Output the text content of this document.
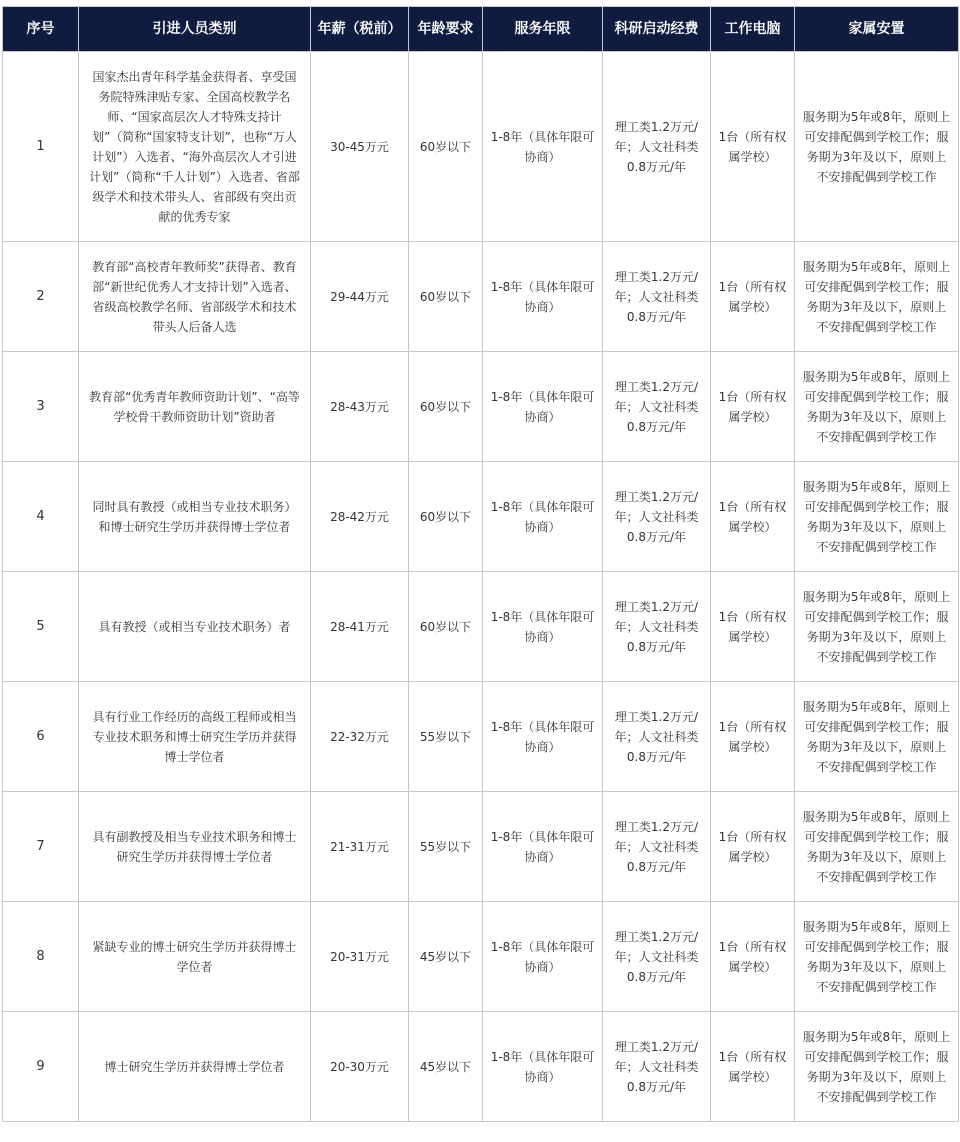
序号	引进人员类别	年薪（税前）	年龄要求	服务年限	科研启动经费	工作电脑	家属安置
1	国家杰出青年科学基金获得者、享受国务院特殊津贴专家、全国高校教学名师、“国家高层次人才特殊支持计划”（简称“国家特支计划”，也称“万人计划”）入选者、“海外高层次人才引进计划”（简称“千人计划”）入选者、省部级学术和技术带头人、省部级有突出贡献的优秀专家	30-45万元	60岁以下	1-8年（具体年限可协商）	理工类1.2万元/年；人文社科类0.8万元/年	1台（所有权属学校）	服务期为5年或8年，原则上可安排配偶到学校工作；服务期为3年及以下，原则上不安排配偶到学校工作
2	教育部“高校青年教师奖”获得者、教育部“新世纪优秀人才支持计划”入选者、省级高校教学名师、省部级学术和技术带头人后备人选	29-44万元	60岁以下	1-8年（具体年限可协商）	理工类1.2万元/年；人文社科类0.8万元/年	1台（所有权属学校）	服务期为5年或8年，原则上可安排配偶到学校工作；服务期为3年及以下，原则上不安排配偶到学校工作
3	教育部“优秀青年教师资助计划”、“高等学校骨干教师资助计划”资助者	28-43万元	60岁以下	1-8年（具体年限可协商）	理工类1.2万元/年；人文社科类0.8万元/年	1台（所有权属学校）	服务期为5年或8年，原则上可安排配偶到学校工作；服务期为3年及以下，原则上不安排配偶到学校工作
4	同时具有教授（或相当专业技术职务）和博士研究生学历并获得博士学位者	28-42万元	60岁以下	1-8年（具体年限可协商）	理工类1.2万元/年；人文社科类0.8万元/年	1台（所有权属学校）	服务期为5年或8年，原则上可安排配偶到学校工作；服务期为3年及以下，原则上不安排配偶到学校工作
5	具有教授（或相当专业技术职务）者	28-41万元	60岁以下	1-8年（具体年限可协商）	理工类1.2万元/年；人文社科类0.8万元/年	1台（所有权属学校）	服务期为5年或8年，原则上可安排配偶到学校工作；服务期为3年及以下，原则上不安排配偶到学校工作
6	具有行业工作经历的高级工程师或相当专业技术职务和博士研究生学历并获得博士学位者	22-32万元	55岁以下	1-8年（具体年限可协商）	理工类1.2万元/年；人文社科类0.8万元/年	1台（所有权属学校）	服务期为5年或8年，原则上可安排配偶到学校工作；服务期为3年及以下，原则上不安排配偶到学校工作
7	具有副教授及相当专业技术职务和博士研究生学历并获得博士学位者	21-31万元	55岁以下	1-8年（具体年限可协商）	理工类1.2万元/年；人文社科类0.8万元/年	1台（所有权属学校）	服务期为5年或8年，原则上可安排配偶到学校工作；服务期为3年及以下，原则上不安排配偶到学校工作
8	紧缺专业的博士研究生学历并获得博士学位者	20-31万元	45岁以下	1-8年（具体年限可协商）	理工类1.2万元/年；人文社科类0.8万元/年	1台（所有权属学校）	服务期为5年或8年，原则上可安排配偶到学校工作；服务期为3年及以下，原则上不安排配偶到学校工作
9	博士研究生学历并获得博士学位者	20-30万元	45岁以下	1-8年（具体年限可协商）	理工类1.2万元/年；人文社科类0.8万元/年	1台（所有权属学校）	服务期为5年或8年，原则上可安排配偶到学校工作；服务期为3年及以下，原则上不安排配偶到学校工作
